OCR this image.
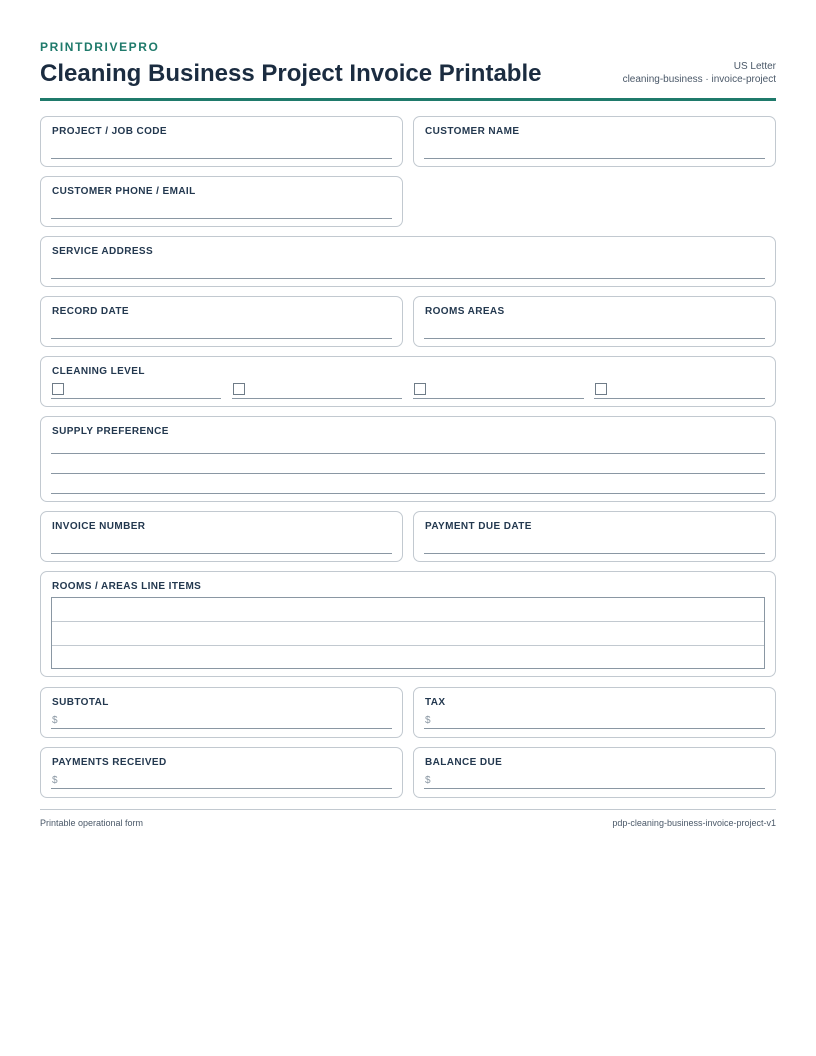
PRINTDRIVEPRO
Cleaning Business Project Invoice Printable	US Letter
cleaning-business · invoice-project
PROJECT / JOB CODE	CUSTOMER NAME
CUSTOMER PHONE / EMAIL
SERVICE ADDRESS
RECORD DATE	ROOMS AREAS
CLEANING LEVEL
SUPPLY PREFERENCE
INVOICE NUMBER	PAYMENT DUE DATE
ROOMS / AREAS LINE ITEMS
SUBTOTAL
$
TAX
$
PAYMENTS RECEIVED
$
BALANCE DUE
$
Printable operational form	pdp-cleaning-business-invoice-project-v1
